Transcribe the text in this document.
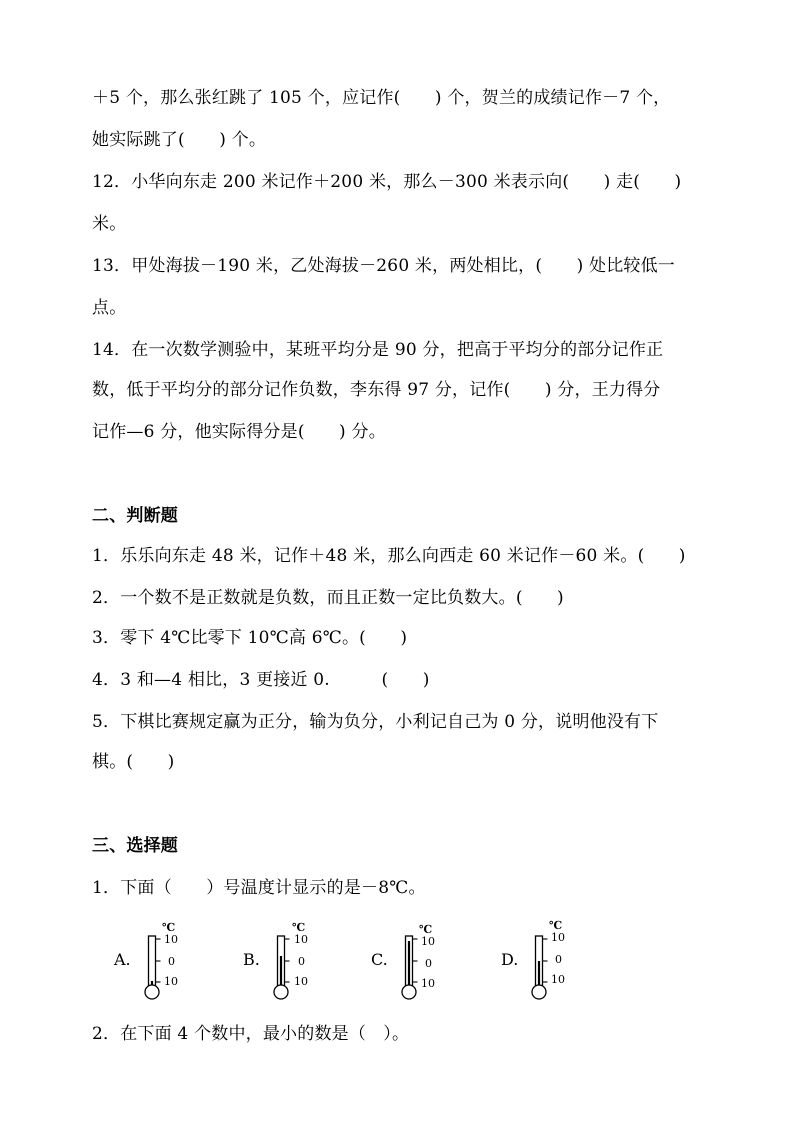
＋5 个，那么张红跳了 105 个，应记作(　　) 个，贺兰的成绩记作－7 个，
她实际跳了(　　) 个。
12．小华向东走 200 米记作＋200 米，那么－300 米表示向(　　) 走(　　)
米。
13．甲处海拔－190 米，乙处海拔－260 米，两处相比，(　　) 处比较低一
点。
14．在一次数学测验中，某班平均分是 90 分，把高于平均分的部分记作正
数，低于平均分的部分记作负数，李东得 97 分，记作(　　) 分，王力得分
记作—6 分，他实际得分是(　　) 分。
二、判断题
1．乐乐向东走 48 米，记作＋48 米，那么向西走 60 米记作－60 米。(　　)
2．一个数不是正数就是负数，而且正数一定比负数大。(　　)
3．零下 4℃比零下 10℃高 6℃。(　　)
4．3 和—4 相比，3 更接近 0.　　　(　　)
5．下棋比赛规定赢为正分，输为负分，小利记自己为 0 分，说明他没有下
棋。(　　)
三、选择题
1．下面（　　）号温度计显示的是－8℃。
A.
℃
10
0
10
B.
℃
10
0
10
C.
℃
10
0
10
D.
℃
10
0
10
2．在下面 4 个数中，最小的数是（　）。
